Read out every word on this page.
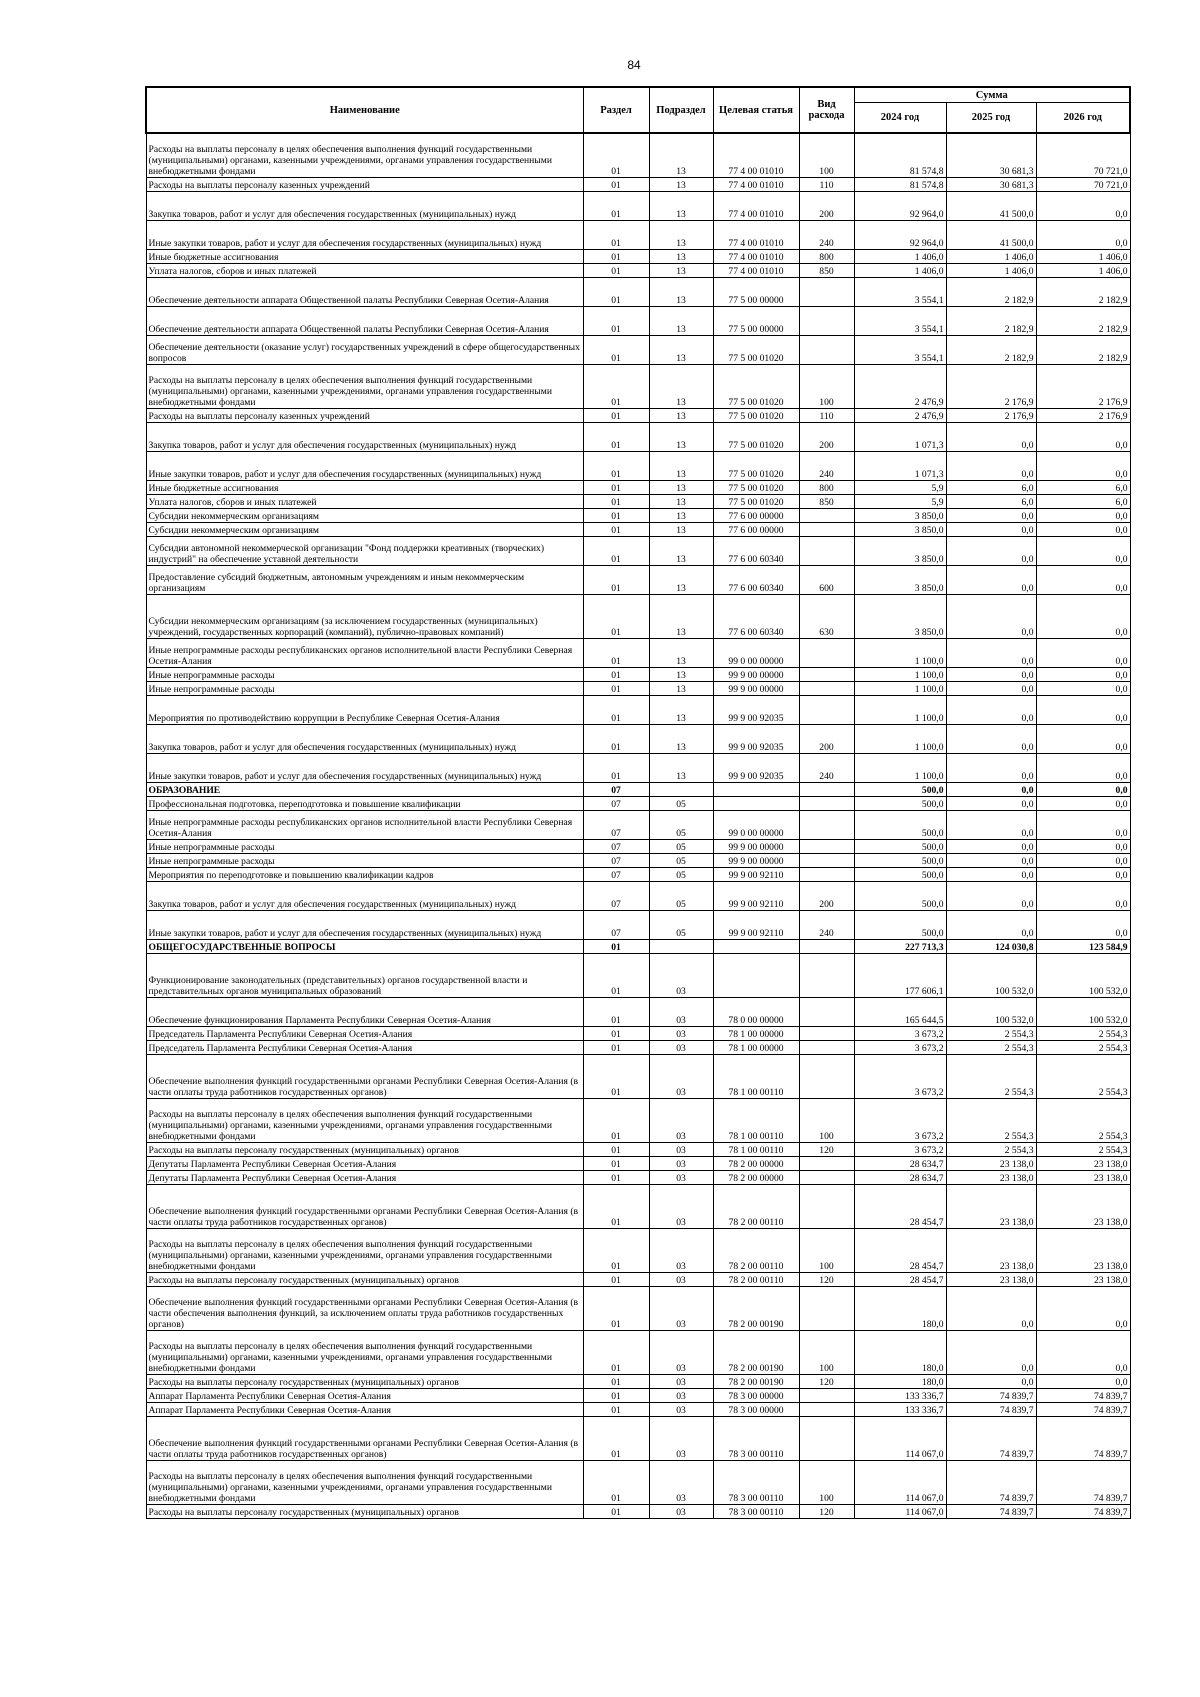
84
Наименование	Раздел	Подраздел	Целевая статья	Вид расхода	Сумма		
					2024 год	2025 год	2026 год
Расходы на выплаты персоналу в целях обеспечения выполнения функций государственными (муниципальными) органами, казенными учреждениями, органами управления государственными внебюджетными фондами	01	13	77 4 00 01010	100	81 574,8	30 681,3	70 721,0
Расходы на выплаты персоналу казенных учреждений	01	13	77 4 00 01010	110	81 574,8	30 681,3	70 721,0
Закупка товаров, работ и услуг для обеспечения государственных (муниципальных) нужд	01	13	77 4 00 01010	200	92 964,0	41 500,0	0,0
Иные закупки товаров, работ и услуг для обеспечения государственных (муниципальных) нужд	01	13	77 4 00 01010	240	92 964,0	41 500,0	0,0
Иные бюджетные ассигнования	01	13	77 4 00 01010	800	1 406,0	1 406,0	1 406,0
Уплата налогов, сборов и иных платежей	01	13	77 4 00 01010	850	1 406,0	1 406,0	1 406,0
Обеспечение деятельности аппарата Общественной палаты Республики Северная Осетия-Алания	01	13	77 5 00 00000		3 554,1	2 182,9	2 182,9
Обеспечение деятельности аппарата Общественной палаты Республики Северная Осетия-Алания	01	13	77 5 00 00000		3 554,1	2 182,9	2 182,9
Обеспечение деятельности (оказание услуг) государственных учреждений в сфере общегосударственных вопросов	01	13	77 5 00 01020		3 554,1	2 182,9	2 182,9
Расходы на выплаты персоналу в целях обеспечения выполнения функций государственными (муниципальными) органами, казенными учреждениями, органами управления государственными внебюджетными фондами	01	13	77 5 00 01020	100	2 476,9	2 176,9	2 176,9
Расходы на выплаты персоналу казенных учреждений	01	13	77 5 00 01020	110	2 476,9	2 176,9	2 176,9
Закупка товаров, работ и услуг для обеспечения государственных (муниципальных) нужд	01	13	77 5 00 01020	200	1 071,3	0,0	0,0
Иные закупки товаров, работ и услуг для обеспечения государственных (муниципальных) нужд	01	13	77 5 00 01020	240	1 071,3	0,0	0,0
Иные бюджетные ассигнования	01	13	77 5 00 01020	800	5,9	6,0	6,0
Уплата налогов, сборов и иных платежей	01	13	77 5 00 01020	850	5,9	6,0	6,0
Субсидии некоммерческим организациям	01	13	77 6 00 00000		3 850,0	0,0	0,0
Субсидии некоммерческим организациям	01	13	77 6 00 00000		3 850,0	0,0	0,0
Субсидии автономной некоммерческой организации "Фонд поддержки креативных (творческих) индустрий" на обеспечение уставной деятельности	01	13	77 6 00 60340		3 850,0	0,0	0,0
Предоставление субсидий бюджетным, автономным учреждениям и иным некоммерческим организациям	01	13	77 6 00 60340	600	3 850,0	0,0	0,0
Субсидии некоммерческим организациям (за исключением государственных (муниципальных) учреждений, государственных корпораций (компаний), публично-правовых компаний)	01	13	77 6 00 60340	630	3 850,0	0,0	0,0
Иные непрограммные расходы республиканских органов исполнительной власти Республики Северная Осетия-Алания	01	13	99 0 00 00000		1 100,0	0,0	0,0
Иные непрограммные расходы	01	13	99 9 00 00000		1 100,0	0,0	0,0
Иные непрограммные расходы	01	13	99 9 00 00000		1 100,0	0,0	0,0
Мероприятия по противодействию коррупции в Республике Северная Осетия-Алания	01	13	99 9 00 92035		1 100,0	0,0	0,0
Закупка товаров, работ и услуг для обеспечения государственных (муниципальных) нужд	01	13	99 9 00 92035	200	1 100,0	0,0	0,0
Иные закупки товаров, работ и услуг для обеспечения государственных (муниципальных) нужд	01	13	99 9 00 92035	240	1 100,0	0,0	0,0
ОБРАЗОВАНИЕ	07				500,0	0,0	0,0
Профессиональная подготовка, переподготовка и повышение квалификации	07	05			500,0	0,0	0,0
Иные непрограммные расходы республиканских органов исполнительной власти Республики Северная Осетия-Алания	07	05	99 0 00 00000		500,0	0,0	0,0
Иные непрограммные расходы	07	05	99 9 00 00000		500,0	0,0	0,0
Иные непрограммные расходы	07	05	99 9 00 00000		500,0	0,0	0,0
Мероприятия по переподготовке и повышению квалификации кадров	07	05	99 9 00 92110		500,0	0,0	0,0
Закупка товаров, работ и услуг для обеспечения государственных (муниципальных) нужд	07	05	99 9 00 92110	200	500,0	0,0	0,0
Иные закупки товаров, работ и услуг для обеспечения государственных (муниципальных) нужд	07	05	99 9 00 92110	240	500,0	0,0	0,0
ОБЩЕГОСУДАРСТВЕННЫЕ ВОПРОСЫ	01				227 713,3	124 030,8	123 584,9
Функционирование законодательных (представительных) органов государственной власти и представительных органов муниципальных образований	01	03			177 606,1	100 532,0	100 532,0
Обеспечение функционирования Парламента Республики Северная Осетия-Алания	01	03	78 0 00 00000		165 644,5	100 532,0	100 532,0
Председатель Парламента Республики Северная Осетия-Алания	01	03	78 1 00 00000		3 673,2	2 554,3	2 554,3
Председатель Парламента Республики Северная Осетия-Алания	01	03	78 1 00 00000		3 673,2	2 554,3	2 554,3
Обеспечение выполнения функций государственными органами Республики Северная Осетия-Алания (в части оплаты труда работников государственных органов)	01	03	78 1 00 00110		3 673,2	2 554,3	2 554,3
Расходы на выплаты персоналу в целях обеспечения выполнения функций государственными (муниципальными) органами, казенными учреждениями, органами управления государственными внебюджетными фондами	01	03	78 1 00 00110	100	3 673,2	2 554,3	2 554,3
Расходы на выплаты персоналу государственных (муниципальных) органов	01	03	78 1 00 00110	120	3 673,2	2 554,3	2 554,3
Депутаты Парламента Республики Северная Осетия-Алания	01	03	78 2 00 00000		28 634,7	23 138,0	23 138,0
Депутаты Парламента Республики Северная Осетия-Алания	01	03	78 2 00 00000		28 634,7	23 138,0	23 138,0
Обеспечение выполнения функций государственными органами Республики Северная Осетия-Алания (в части оплаты труда работников государственных органов)	01	03	78 2 00 00110		28 454,7	23 138,0	23 138,0
Расходы на выплаты персоналу в целях обеспечения выполнения функций государственными (муниципальными) органами, казенными учреждениями, органами управления государственными внебюджетными фондами	01	03	78 2 00 00110	100	28 454,7	23 138,0	23 138,0
Расходы на выплаты персоналу государственных (муниципальных) органов	01	03	78 2 00 00110	120	28 454,7	23 138,0	23 138,0
Обеспечение выполнения функций государственными органами Республики Северная Осетия-Алания (в части обеспечения выполнения функций, за исключением оплаты труда работников государственных органов)	01	03	78 2 00 00190		180,0	0,0	0,0
Расходы на выплаты персоналу в целях обеспечения выполнения функций государственными (муниципальными) органами, казенными учреждениями, органами управления государственными внебюджетными фондами	01	03	78 2 00 00190	100	180,0	0,0	0,0
Расходы на выплаты персоналу государственных (муниципальных) органов	01	03	78 2 00 00190	120	180,0	0,0	0,0
Аппарат Парламента Республики Северная Осетия-Алания	01	03	78 3 00 00000		133 336,7	74 839,7	74 839,7
Аппарат Парламента Республики Северная Осетия-Алания	01	03	78 3 00 00000		133 336,7	74 839,7	74 839,7
Обеспечение выполнения функций государственными органами Республики Северная Осетия-Алания (в части оплаты труда работников государственных органов)	01	03	78 3 00 00110		114 067,0	74 839,7	74 839,7
Расходы на выплаты персоналу в целях обеспечения выполнения функций государственными (муниципальными) органами, казенными учреждениями, органами управления государственными внебюджетными фондами	01	03	78 3 00 00110	100	114 067,0	74 839,7	74 839,7
Расходы на выплаты персоналу государственных (муниципальных) органов	01	03	78 3 00 00110	120	114 067,0	74 839,7	74 839,7
